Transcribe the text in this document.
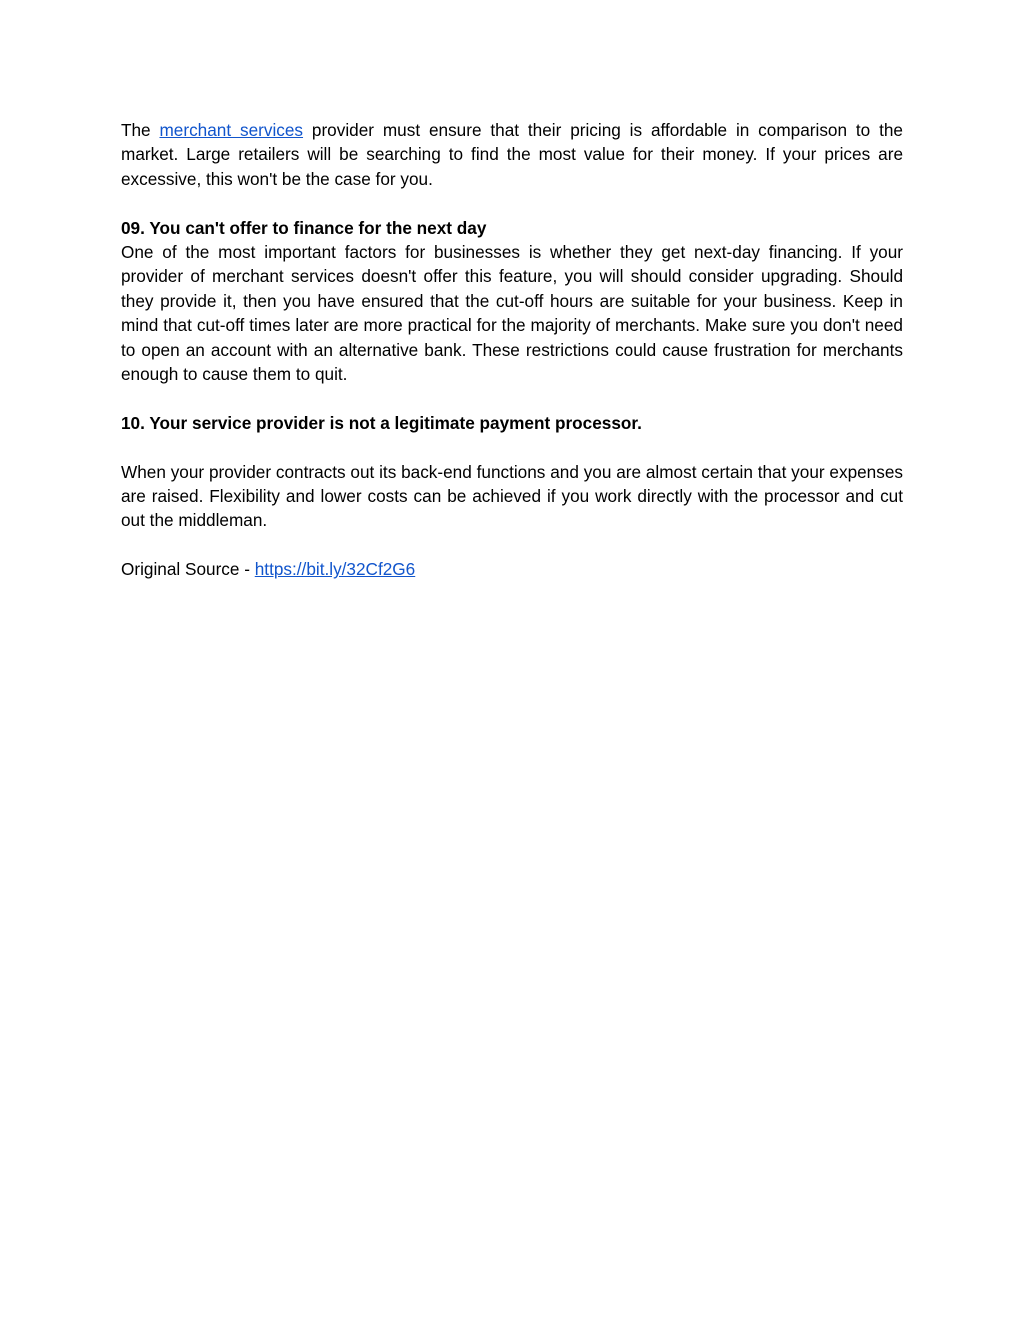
The merchant services provider must ensure that their pricing is affordable in comparison to the market. Large retailers will be searching to find the most value for their money. If your prices are excessive, this won't be the case for you.

09. You can't offer to finance for the next day

One of the most important factors for businesses is whether they get next-day financing. If your provider of merchant services doesn't offer this feature, you will should consider upgrading. Should they provide it, then you have ensured that the cut-off hours are suitable for your business. Keep in mind that cut-off times later are more practical for the majority of merchants. Make sure you don't need to open an account with an alternative bank. These restrictions could cause frustration for merchants enough to cause them to quit.

10. Your service provider is not a legitimate payment processor.

When your provider contracts out its back-end functions and you are almost certain that your expenses are raised. Flexibility and lower costs can be achieved if you work directly with the processor and cut out the middleman.

Original Source - https://bit.ly/32Cf2G6
